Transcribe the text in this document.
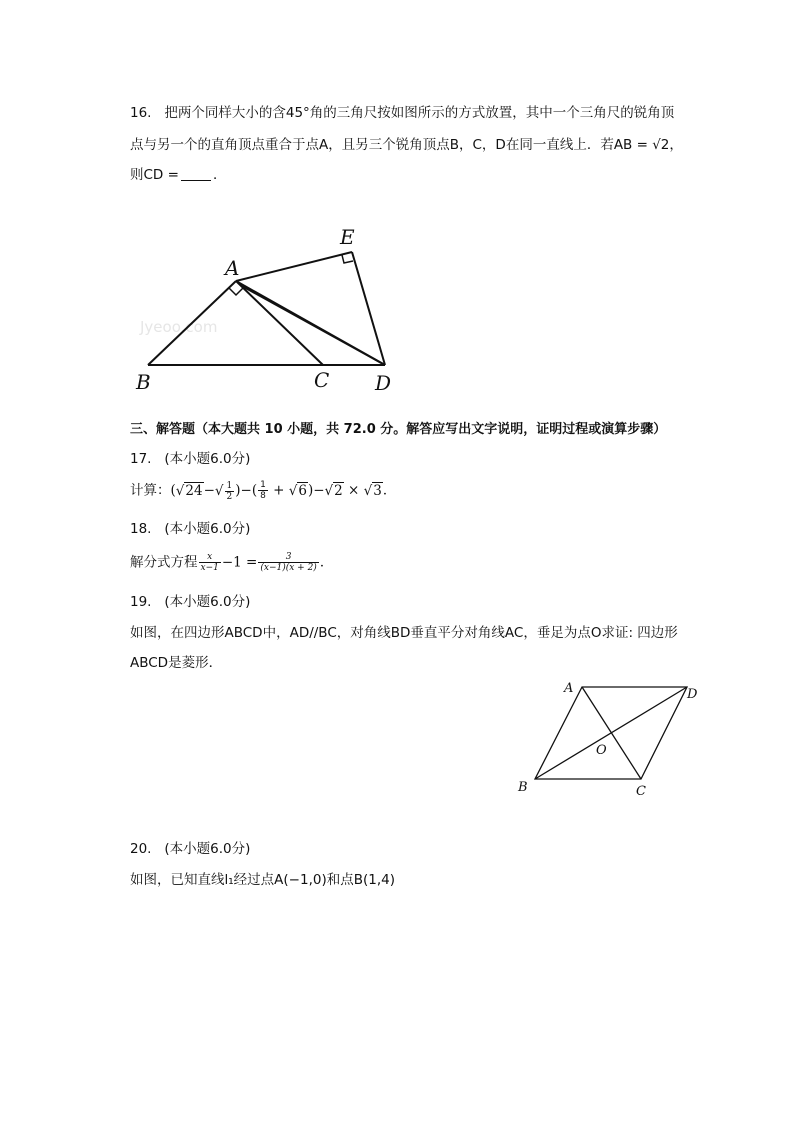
16. 把两个同样大小的含45°角的三角尺按如图所示的方式放置，其中一个三角尺的锐角顶
点与另一个的直角顶点重合于点A，且另三个锐角顶点B，C，D在同一直线上．若AB = √2，
则CD =	．
Jyeoo.com
A
E
B	C D
三、解答题（本大题共 10 小题，共 72.0 分。解答应写出文字说明，证明过程或演算步骤）
17. (本小题6.0分)
计算：($√24-√ \frac{1}{2}$ )−( $\frac{1}{8} + √6)-√2 \times √3$．
18. (本小题6.0分)
解分式方程 $\frac{x}{x-1} -1 = \frac{3}{(x-1)(x + 2)}$ ．
19. (本小题6.0分)
如图，在四边形ABCD中，AD//BC，对角线BD垂直平分对角线AC，垂足为点O求证: 四边形
ABCD是菱形．
A	D
O
B	C
20. (本小题6.0分)
如图，已知直线l₁经过点A(−1,0)和点B(1,4)
